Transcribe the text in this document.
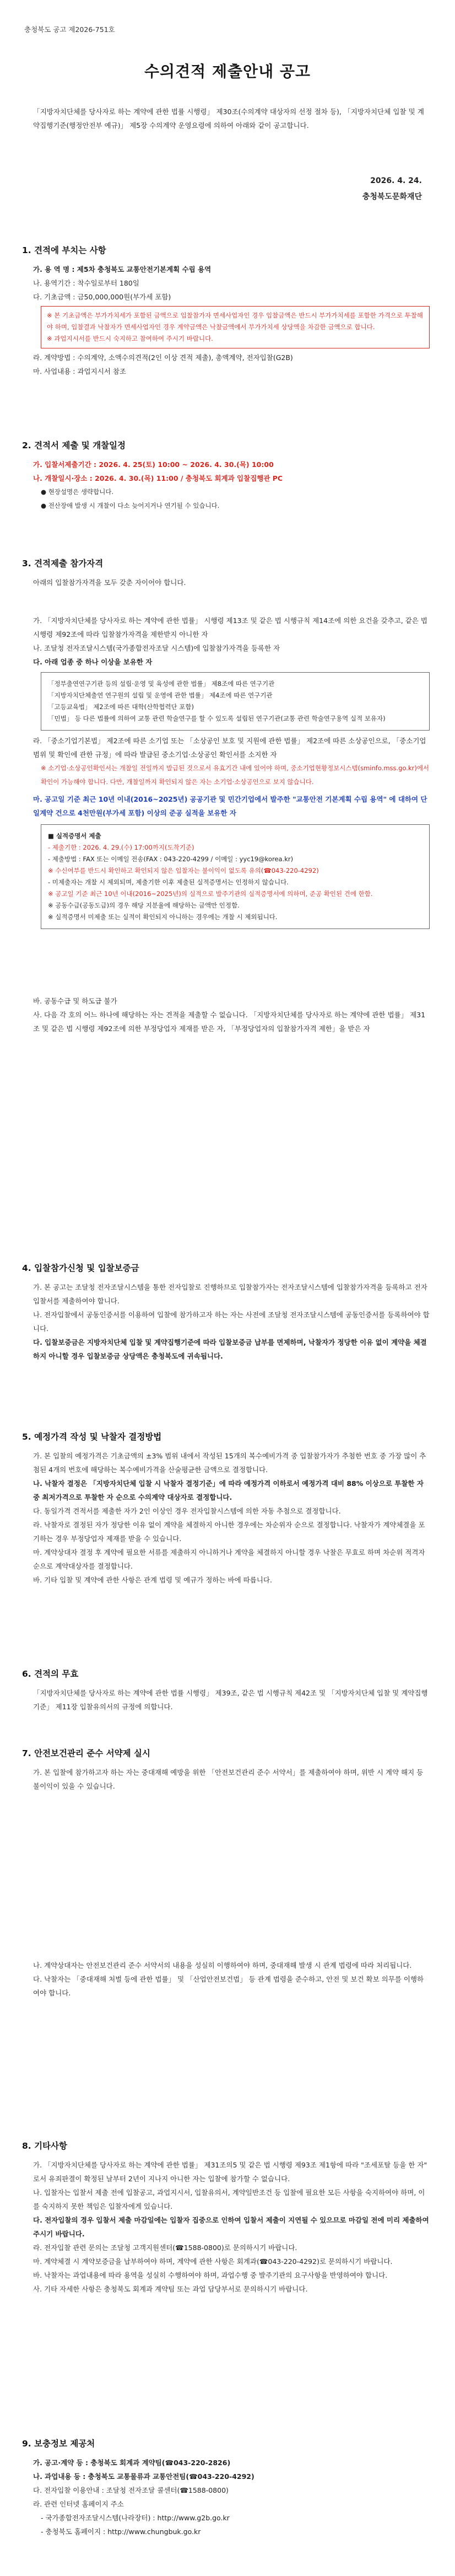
충청북도 공고 제2026-751호
수의견적 제출안내 공고
「지방자치단체를 당사자로 하는 계약에 관한 법률 시행령」 제30조(수의계약 대상자의 선정 절차 등), 「지방자치단체 입찰 및 계약집행기준(행정안전부 예규)」 제5장 수의계약 운영요령에 의하여 아래와 같이 공고합니다.
2026. 4. 24.
충청북도문화재단
1. 견적에 부치는 사항
가. 용 역 명 : 제5차 충청북도 교통안전기본계획 수립 용역
나. 용역기간 : 착수일로부터 180일
다. 기초금액 : 금50,000,000원(부가세 포함)
※ 본 기초금액은 부가가치세가 포함된 금액으로 입찰참가자 면세사업자인 경우 입찰금액은 반드시 부가가치세를 포함한 가격으로 투찰해야 하며, 입찰결과 낙찰자가 면세사업자인 경우 계약금액은 낙찰금액에서 부가가치세 상당액을 차감한 금액으로 합니다.
※ 과업지시서를 반드시 숙지하고 참여하여 주시기 바랍니다.
라. 계약방법 : 수의계약, 소액수의견적(2인 이상 견적 제출), 총액계약, 전자입찰(G2B)
마. 사업내용 : 과업지시서 참조
2. 견적서 제출 및 개찰일정
가. 입찰서제출기간 : 2026. 4. 25(토) 10:00 ~ 2026. 4. 30.(목) 10:00
나. 개찰일시·장소 : 2026. 4. 30.(목) 11:00 / 충청북도 회계과 입찰집행관 PC
● 현장설명은 생략합니다.
● 전산장애 발생 시 개찰이 다소 늦어지거나 연기될 수 있습니다.
3. 견적제출 참가자격
아래의 입찰참가자격을 모두 갖춘 자이어야 합니다.
가. 「지방자치단체를 당사자로 하는 계약에 관한 법률」 시행령 제13조 및 같은 법 시행규칙 제14조에 의한 요건을 갖추고, 같은 법 시행령 제92조에 따라 입찰참가자격을 제한받지 아니한 자
나. 조달청 전자조달시스템(국가종합전자조달 시스템)에 입찰참가자격을 등록한 자
다. 아래 업종 중 하나 이상을 보유한 자
「정부출연연구기관 등의 설립·운영 및 육성에 관한 법률」 제8조에 따른 연구기관
「지방자치단체출연 연구원의 설립 및 운영에 관한 법률」 제4조에 따른 연구기관
「고등교육법」 제2조에 따른 대학(산학협력단 포함)
「민법」 등 다른 법률에 의하여 교통 관련 학술연구를 할 수 있도록 설립된 연구기관(교통 관련 학술연구용역 실적 보유자)
라. 「중소기업기본법」 제2조에 따른 소기업 또는 「소상공인 보호 및 지원에 관한 법률」 제2조에 따른 소상공인으로, 「중소기업범위 및 확인에 관한 규정」에 따라 발급된 중소기업·소상공인 확인서를 소지한 자
※ 소기업·소상공인확인서는 개찰일 전일까지 발급된 것으로서 유효기간 내에 있어야 하며, 중소기업현황정보시스템(sminfo.mss.go.kr)에서 확인이 가능해야 합니다. 다만, 개찰일까지 확인되지 않은 자는 소기업·소상공인으로 보지 않습니다.
마. 공고일 기준 최근 10년 이내(2016~2025년) 공공기관 및 민간기업에서 발주한 "교통안전 기본계획 수립 용역" 에 대하여 단일계약 건으로 4천만원(부가세 포함) 이상의 준공 실적을 보유한 자
■ 실적증명서 제출
- 제출기한 : 2026. 4. 29.(수) 17:00까지(도착기준)
- 제출방법 : FAX 또는 이메일 전송(FAX : 043-220-4299 / 이메일 : yyc19@korea.kr)
※ 수신여부를 반드시 확인하고 확인되지 않은 입찰자는 불이익이 없도록 유의(☎043-220-4292)
- 미제출자는 개찰 시 제외되며, 제출기한 이후 제출된 실적증명서는 인정하지 않습니다.
※ 공고일 기준 최근 10년 이내(2016~2025년)의 실적으로 발주기관의 실적증명서에 의하며, 준공 확인된 건에 한함.
※ 공동수급(공동도급)의 경우 해당 지분율에 해당하는 금액만 인정함.
※ 실적증명서 미제출 또는 실적이 확인되지 아니하는 경우에는 개찰 시 제외됩니다.
바. 공동수급 및 하도급 불가
사. 다음 각 호의 어느 하나에 해당하는 자는 견적을 제출할 수 없습니다. 「지방자치단체를 당사자로 하는 계약에 관한 법률」 제31조 및 같은 법 시행령 제92조에 의한 부정당업자 제재를 받은 자, 「부정당업자의 입찰참가자격 제한」을 받은 자
4. 입찰참가신청 및 입찰보증금
가. 본 공고는 조달청 전자조달시스템을 통한 전자입찰로 진행하므로 입찰참가자는 전자조달시스템에 입찰참가자격을 등록하고 전자입찰서를 제출하여야 합니다.
나. 전자입찰에서 공동인증서를 이용하여 입찰에 참가하고자 하는 자는 사전에 조달청 전자조달시스템에 공동인증서를 등록하여야 합니다.
다. 입찰보증금은 지방자치단체 입찰 및 계약집행기준에 따라 입찰보증금 납부를 면제하며, 낙찰자가 정당한 이유 없이 계약을 체결하지 아니할 경우 입찰보증금 상당액은 충청북도에 귀속됩니다.
5. 예정가격 작성 및 낙찰자 결정방법
가. 본 입찰의 예정가격은 기초금액의 ±3% 범위 내에서 작성된 15개의 복수예비가격 중 입찰참가자가 추첨한 번호 중 가장 많이 추첨된 4개의 번호에 해당하는 복수예비가격을 산술평균한 금액으로 결정합니다.
나. 낙찰자 결정은 「지방자치단체 입찰 시 낙찰자 결정기준」에 따라 예정가격 이하로서 예정가격 대비 88% 이상으로 투찰한 자 중 최저가격으로 투찰한 자 순으로 수의계약 대상자로 결정합니다.
다. 동일가격 견적서를 제출한 자가 2인 이상인 경우 전자입찰시스템에 의한 자동 추첨으로 결정합니다.
라. 낙찰자로 결정된 자가 정당한 이유 없이 계약을 체결하지 아니한 경우에는 차순위자 순으로 결정합니다. 낙찰자가 계약체결을 포기하는 경우 부정당업자 제재를 받을 수 있습니다.
마. 계약상대자 결정 후 계약에 필요한 서류를 제출하지 아니하거나 계약을 체결하지 아니할 경우 낙찰은 무효로 하며 차순위 적격자 순으로 계약대상자를 결정합니다.
바. 기타 입찰 및 계약에 관한 사항은 관계 법령 및 예규가 정하는 바에 따릅니다.
6. 견적의 무효
「지방자치단체를 당사자로 하는 계약에 관한 법률 시행령」 제39조, 같은 법 시행규칙 제42조 및 「지방자치단체 입찰 및 계약집행기준」 제11장 입찰유의서의 규정에 의합니다.
7. 안전보건관리 준수 서약제 실시
가. 본 입찰에 참가하고자 하는 자는 중대재해 예방을 위한 「안전보건관리 준수 서약서」를 제출하여야 하며, 위반 시 계약 해지 등 불이익이 있을 수 있습니다.
나. 계약상대자는 안전보건관리 준수 서약서의 내용을 성실히 이행하여야 하며, 중대재해 발생 시 관계 법령에 따라 처리됩니다.
다. 낙찰자는 「중대재해 처벌 등에 관한 법률」 및 「산업안전보건법」 등 관계 법령을 준수하고, 안전 및 보건 확보 의무를 이행하여야 합니다.
8. 기타사항
가. 「지방자치단체를 당사자로 하는 계약에 관한 법률」 제31조의5 및 같은 법 시행령 제93조 제1항에 따라 "조세포탈 등을 한 자" 로서 유죄판결이 확정된 날부터 2년이 지나지 아니한 자는 입찰에 참가할 수 없습니다.
나. 입찰자는 입찰서 제출 전에 입찰공고, 과업지시서, 입찰유의서, 계약일반조건 등 입찰에 필요한 모든 사항을 숙지하여야 하며, 이를 숙지하지 못한 책임은 입찰자에게 있습니다.
다. 전자입찰의 경우 입찰서 제출 마감일에는 입찰자 집중으로 인하여 입찰서 제출이 지연될 수 있으므로 마감일 전에 미리 제출하여 주시기 바랍니다.
라. 전자입찰 관련 문의는 조달청 고객지원센터(☎1588-0800)로 문의하시기 바랍니다.
마. 계약체결 시 계약보증금을 납부하여야 하며, 계약에 관한 사항은 회계과(☎043-220-4292)로 문의하시기 바랍니다.
바. 낙찰자는 과업내용에 따라 용역을 성실히 수행하여야 하며, 과업수행 중 발주기관의 요구사항을 반영하여야 합니다.
사. 기타 자세한 사항은 충청북도 회계과 계약팀 또는 과업 담당부서로 문의하시기 바랍니다.
9. 보충정보 제공처
가. 공고·계약 등 : 충청북도 회계과 계약팀(☎043-220-2826)
나. 과업내용 등 : 충청북도 교통물류과 교통안전팀(☎043-220-4292)
다. 전자입찰 이용안내 : 조달청 전자조달 콜센터(☎1588-0800)
라. 관련 인터넷 홈페이지 주소
- 국가종합전자조달시스템(나라장터) : http://www.g2b.go.kr
- 충청북도 홈페이지 : http://www.chungbuk.go.kr
